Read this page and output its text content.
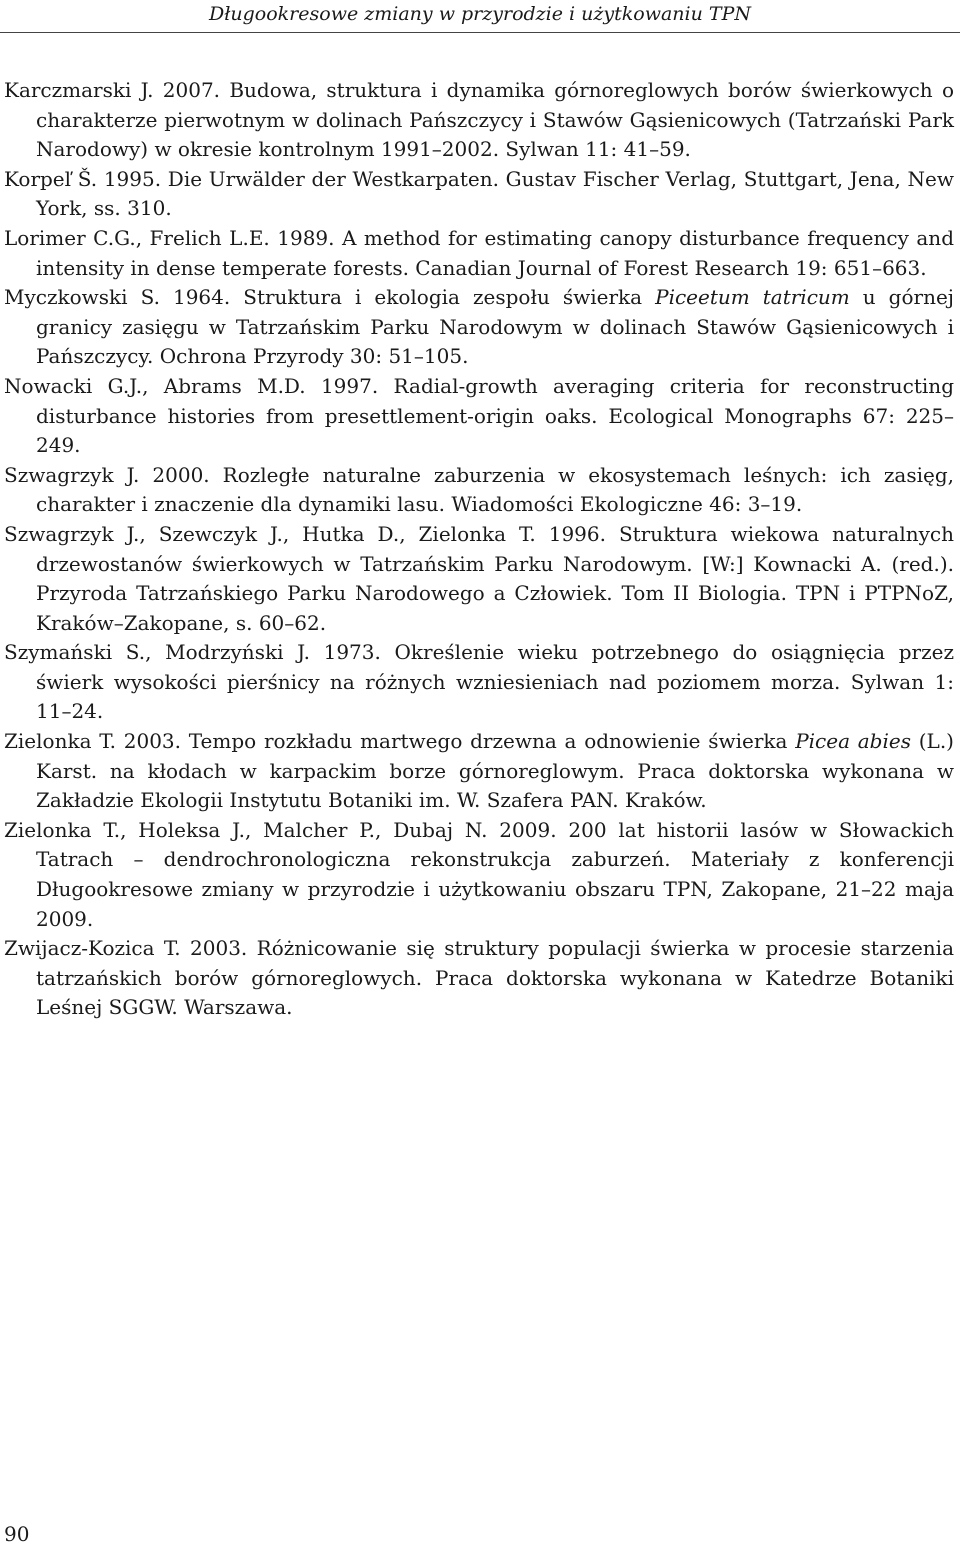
Długookresowe zmiany w przyrodzie i użytkowaniu TPN
Karczmarski J. 2007. Budowa, struktura i dynamika górnoreglowych borów świerkowych o charakterze pierwotnym w dolinach Pańszczycy i Stawów Gąsienicowych (Tatrzański Park Narodowy) w okresie kontrolnym 1991–2002. Sylwan 11: 41–59.
Korpeľ Š. 1995. Die Urwälder der Westkarpaten. Gustav Fischer Verlag, Stuttgart, Jena, New York, ss. 310.
Lorimer C.G., Frelich L.E. 1989. A method for estimating canopy disturbance frequency and intensity in dense temperate forests. Canadian Journal of Forest Research 19: 651–663.
Myczkowski S. 1964. Struktura i ekologia zespołu świerka Piceetum tatricum u górnej granicy zasięgu w Tatrzańskim Parku Narodowym w dolinach Stawów Gąsienicowych i Pańszczycy. Ochrona Przyrody 30: 51–105.
Nowacki G.J., Abrams M.D. 1997. Radial-growth averaging criteria for reconstructing disturbance histories from presettlement-origin oaks. Ecological Monographs 67: 225–249.
Szwagrzyk J. 2000. Rozległe naturalne zaburzenia w ekosystemach leśnych: ich zasięg, charakter i znaczenie dla dynamiki lasu. Wiadomości Ekologiczne 46: 3–19.
Szwagrzyk J., Szewczyk J., Hutka D., Zielonka T. 1996. Struktura wiekowa naturalnych drzewostanów świerkowych w Tatrzańskim Parku Narodowym. [W:] Kownacki A. (red.). Przyroda Tatrzańskiego Parku Narodowego a Człowiek. Tom II Biologia. TPN i PTPNoZ, Kraków–Zakopane, s. 60–62.
Szymański S., Modrzyński J. 1973. Określenie wieku potrzebnego do osiągnięcia przez świerk wysokości pierśnicy na różnych wzniesieniach nad poziomem morza. Sylwan 1: 11–24.
Zielonka T. 2003. Tempo rozkładu martwego drzewna a odnowienie świerka Picea abies (L.) Karst. na kłodach w karpackim borze górnoreglowym. Praca doktorska wykonana w Zakładzie Ekologii Instytutu Botaniki im. W. Szafera PAN. Kraków.
Zielonka T., Holeksa J., Malcher P., Dubaj N. 2009. 200 lat historii lasów w Słowackich Tatrach – dendrochronologiczna rekonstrukcja zaburzeń. Materiały z konferencji Długookresowe zmiany w przyrodzie i użytkowaniu obszaru TPN, Zakopane, 21–22 maja 2009.
Zwijacz-Kozica T. 2003. Różnicowanie się struktury populacji świerka w procesie starzenia tatrzańskich borów górnoreglowych. Praca doktorska wykonana w Katedrze Botaniki Leśnej SGGW. Warszawa.
90
